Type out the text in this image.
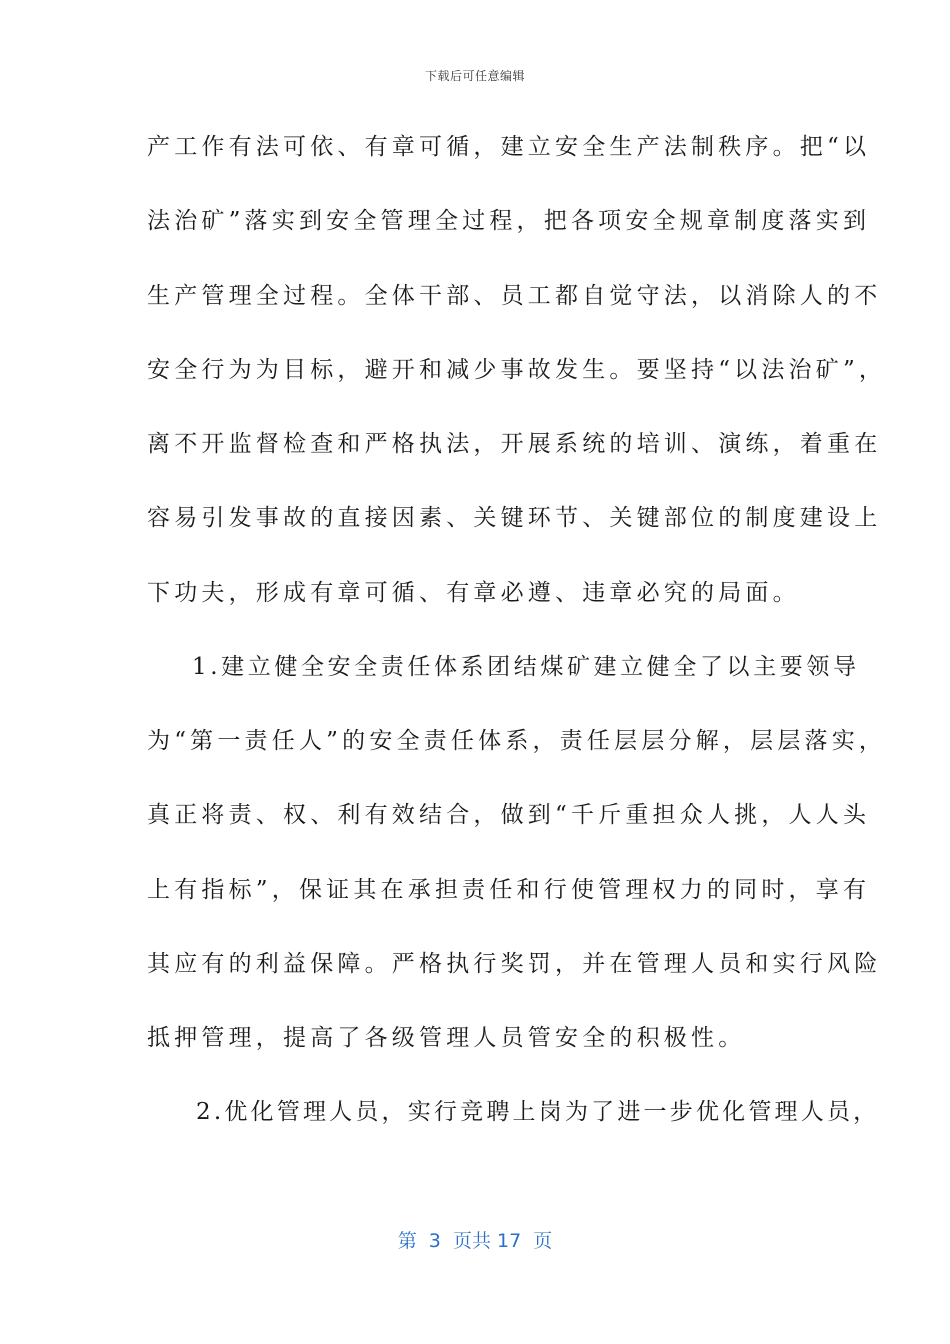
下载后可任意编辑
产工作有法可依、有章可循，建立安全生产法制秩序。把“以
法治矿”落实到安全管理全过程，把各项安全规章制度落实到
生产管理全过程。全体干部、员工都自觉守法，以消除人的不
安全行为为目标，避开和减少事故发生。要坚持“以法治矿”，
离不开监督检查和严格执法，开展系统的培训、演练，着重在
容易引发事故的直接因素、关键环节、关键部位的制度建设上
下功夫，形成有章可循、有章必遵、违章必究的局面。
1.建立健全安全责任体系团结煤矿建立健全了以主要领导
为“第一责任人”的安全责任体系，责任层层分解，层层落实，
真正将责、权、利有效结合，做到“千斤重担众人挑，人人头
上有指标”，保证其在承担责任和行使管理权力的同时，享有
其应有的利益保障。严格执行奖罚，并在管理人员和实行风险
抵押管理，提高了各级管理人员管安全的积极性。
2.优化管理人员，实行竞聘上岗为了进一步优化管理人员，
第  3  页共 17  页
